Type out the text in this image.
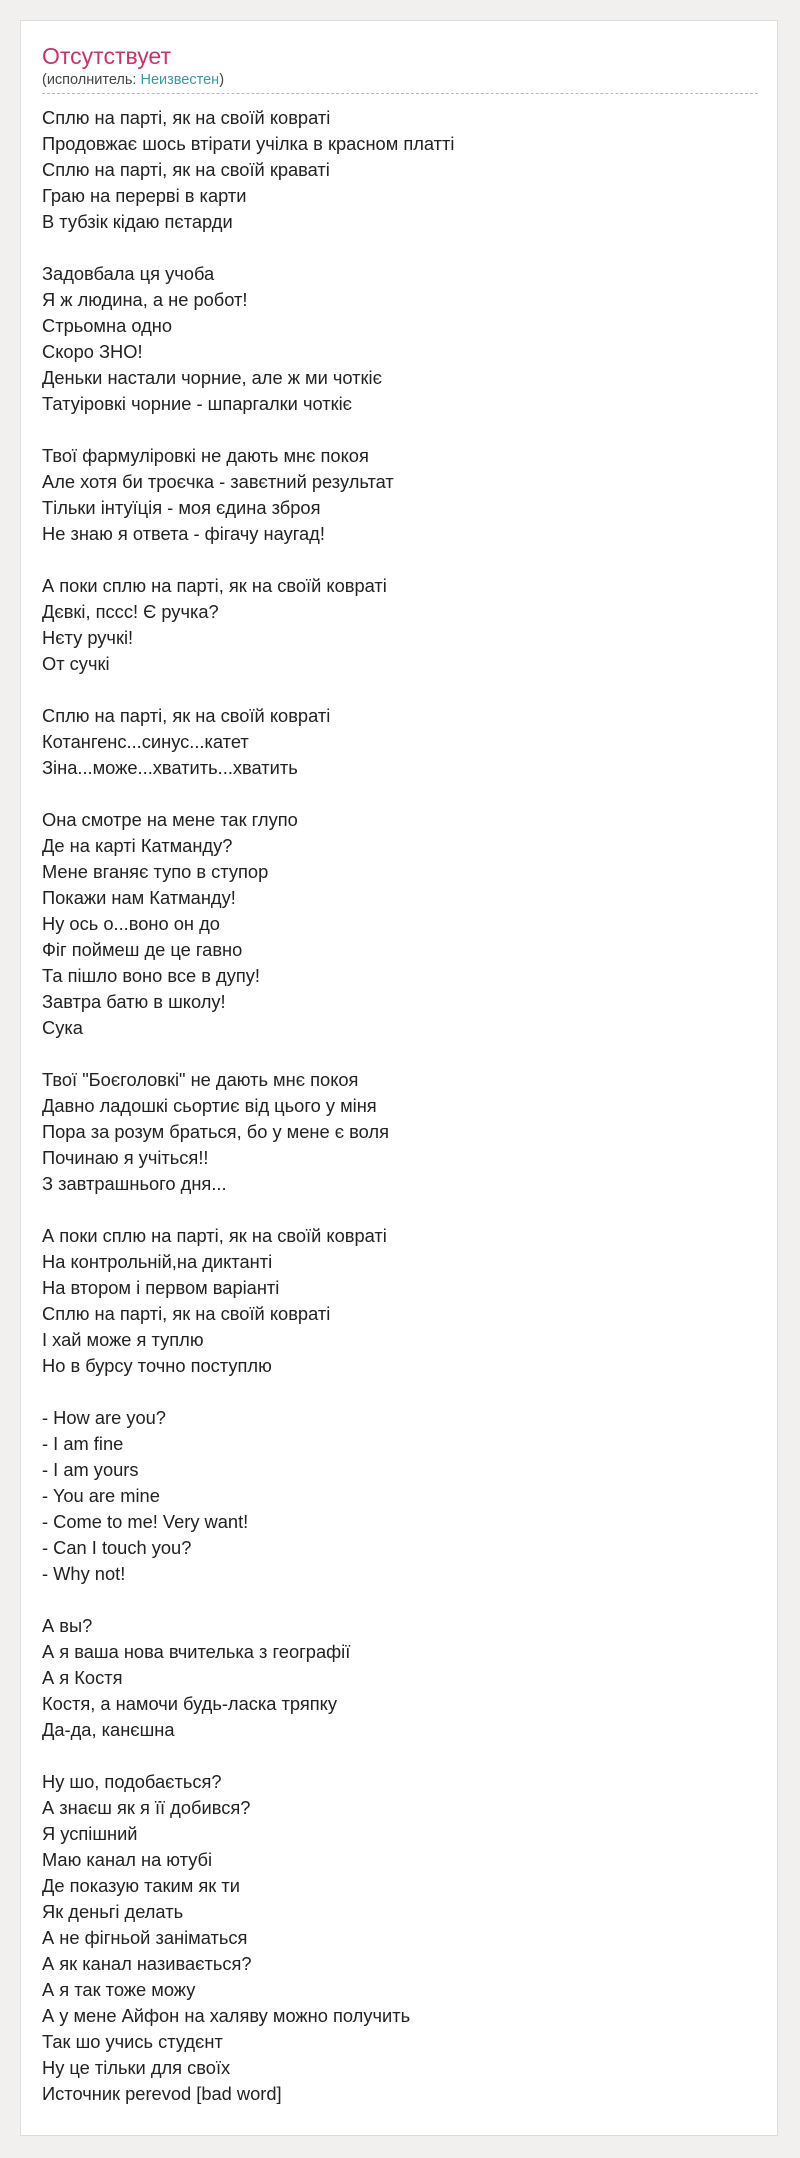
Отсутствует
(исполнитель: Неизвестен)
Сплю на парті, як на своїй ковраті
Продовжає шось втірати учілка в красном платті
Сплю на парті, як на своїй краваті
Граю на перерві в карти
В тубзік кідаю пєтарди
Задовбала ця учоба
Я ж людина, а не робот!
Стрьомна одно
Скоро ЗНО!
Деньки настали чорние, але ж ми чоткіє
Татуіровкі чорние - шпаргалки чоткіє
Твої фармуліровкі не дають мнє покоя
Але хотя би троєчка - завєтний результат
Тільки інтуїція - моя єдина зброя
Не знаю я ответа - фігачу наугад!
А поки сплю на парті, як на своїй ковраті
Дєвкі, пссс! Є ручка?
Нєту ручкі!
От сучкі
Сплю на парті, як на своїй ковраті
Котангенс...синус...катет
Зіна...може...хватить...хватить
Она смотре на мене так глупо
Де на карті Катманду?
Мене вганяє тупо в ступор
Покажи нам Катманду!
Ну ось о...воно он до
Фіг поймеш де це гавно
Та пішло воно все в дупу!
Завтра батю в школу!
Сука
Твої "Боєголовкі" не дають мнє покоя
Давно ладошкі сьортиє від цього у міня
Пора за розум браться, бо у мене є воля
Починаю я учіться!!
З завтрашнього дня...
А поки сплю на парті, як на своїй ковраті
На контрольній,на диктанті
На втором і первом варіанті
Сплю на парті, як на своїй ковраті
І хай може я туплю
Но в бурсу точно поступлю
- How are you?
- I am fine
- I am yours
- You are mine
- Come to me! Very want!
- Can I touch you?
- Why not!
А вы?
А я ваша нова вчителька з географії
А я Костя
Костя, а намочи будь-ласка тряпку
Да-да, канєшна
Ну шо, подобається?
А знаєш як я її добився?
Я успішний
Маю канал на ютубі
Де показую таким як ти
Як деньгі делать
А не фігньой заніматься
А як канал називається?
А я так тоже можу
А у мене Айфон на халяву можно получить
Так шо учись студєнт
Ну це тільки для своїх
Источник perevod [bad word]
